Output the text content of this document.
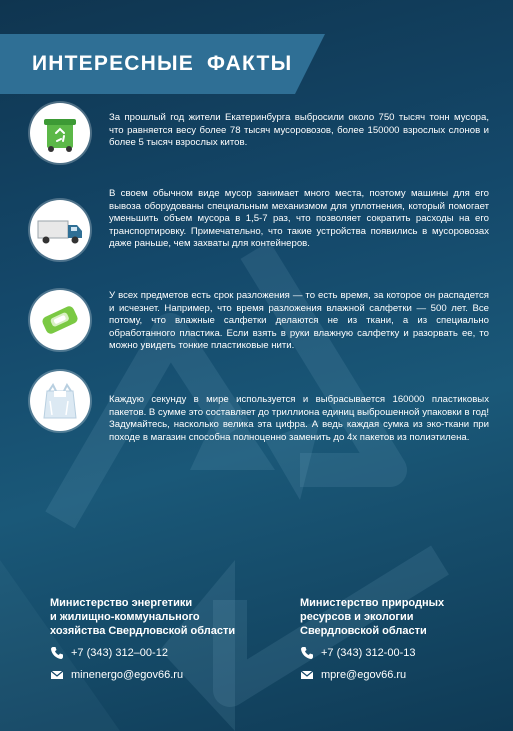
ИНТЕРЕСНЫЕ ФАКТЫ

За прошлый год жители Екатеринбурга выбросили около 750 тысяч тонн мусора, что равняется весу более 78 тысяч мусоровозов, более 150000 взрослых слонов и более 5 тысяч взрослых китов.

В своем обычном виде мусор занимает много места, поэтому машины для его вывоза оборудованы специальным механизмом для уплотнения, который помогает уменьшить объем мусора в 1,5-7 раз, что позволяет сократить расходы на его транспортировку. Примечательно, что такие устройства появились в мусоровозах даже раньше, чем захваты для контейнеров.

У всех предметов есть срок разложения — то есть время, за которое он распадется и исчезнет. Например, что время разложения влажной салфетки — 500 лет. Все потому, что влажные салфетки делаются не из ткани, а из специально обработанного пластика. Если взять в руки влажную салфетку и разорвать ее, то можно увидеть тонкие пластиковые нити.

Каждую секунду в мире используется и выбрасывается 160000 пластиковых пакетов. В сумме это составляет до триллиона единиц выброшенной упаковки в год! Задумайтесь, насколько велика эта цифра. А ведь каждая сумка из эко-ткани при походе в магазин способна полноценно заменить до 4х пакетов из полиэтилена.

Министерство энергетики
и жилищно-коммунального
хозяйства Свердловской области

+7 (343) 312–00-12
minenergo@egov66.ru

Министерство природных
ресурсов и экологии
Свердловской области

+7 (343) 312-00-13
mpre@egov66.ru
